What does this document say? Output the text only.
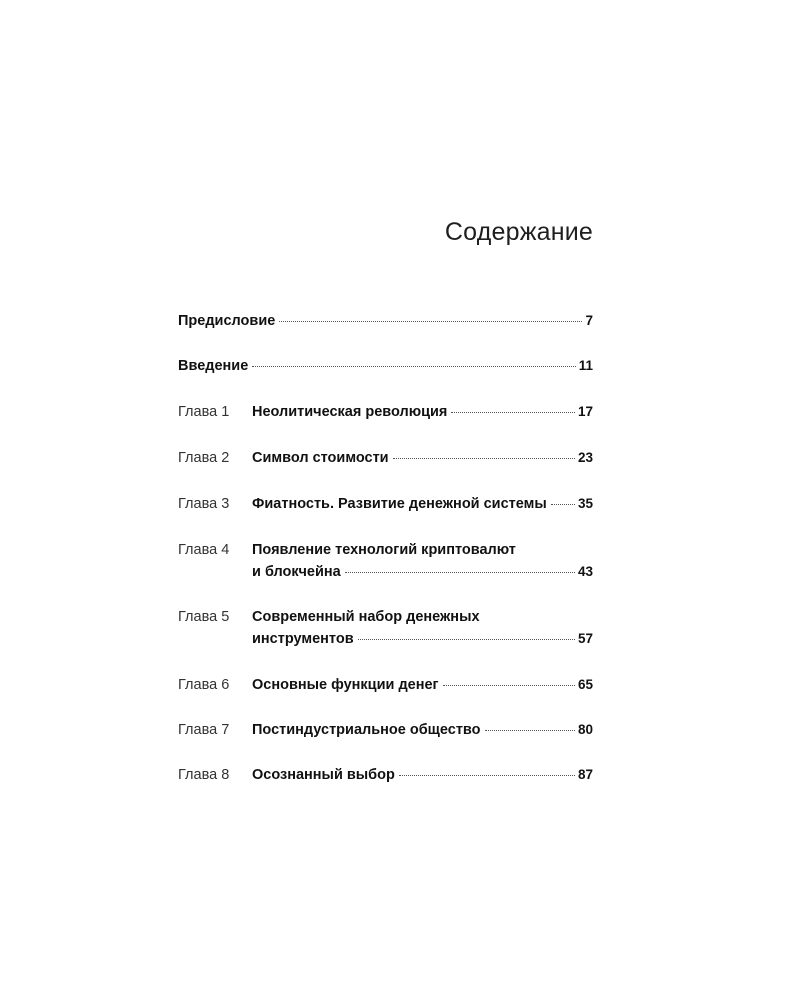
Содержание
Предисловие	7
Введение	11
Глава 1 Неолитическая революция	17
Глава 2 Символ стоимости	23
Глава 3 Фиатность. Развитие денежной системы 35
Глава 4 Появление технологий криптовалют
и блокчейна	43
Глава 5 Современный набор денежных
инструментов	57
Глава 6 Основные функции денег	65
Глава 7 Постиндустриальное общество	80
Глава 8 Осознанный выбор	87
